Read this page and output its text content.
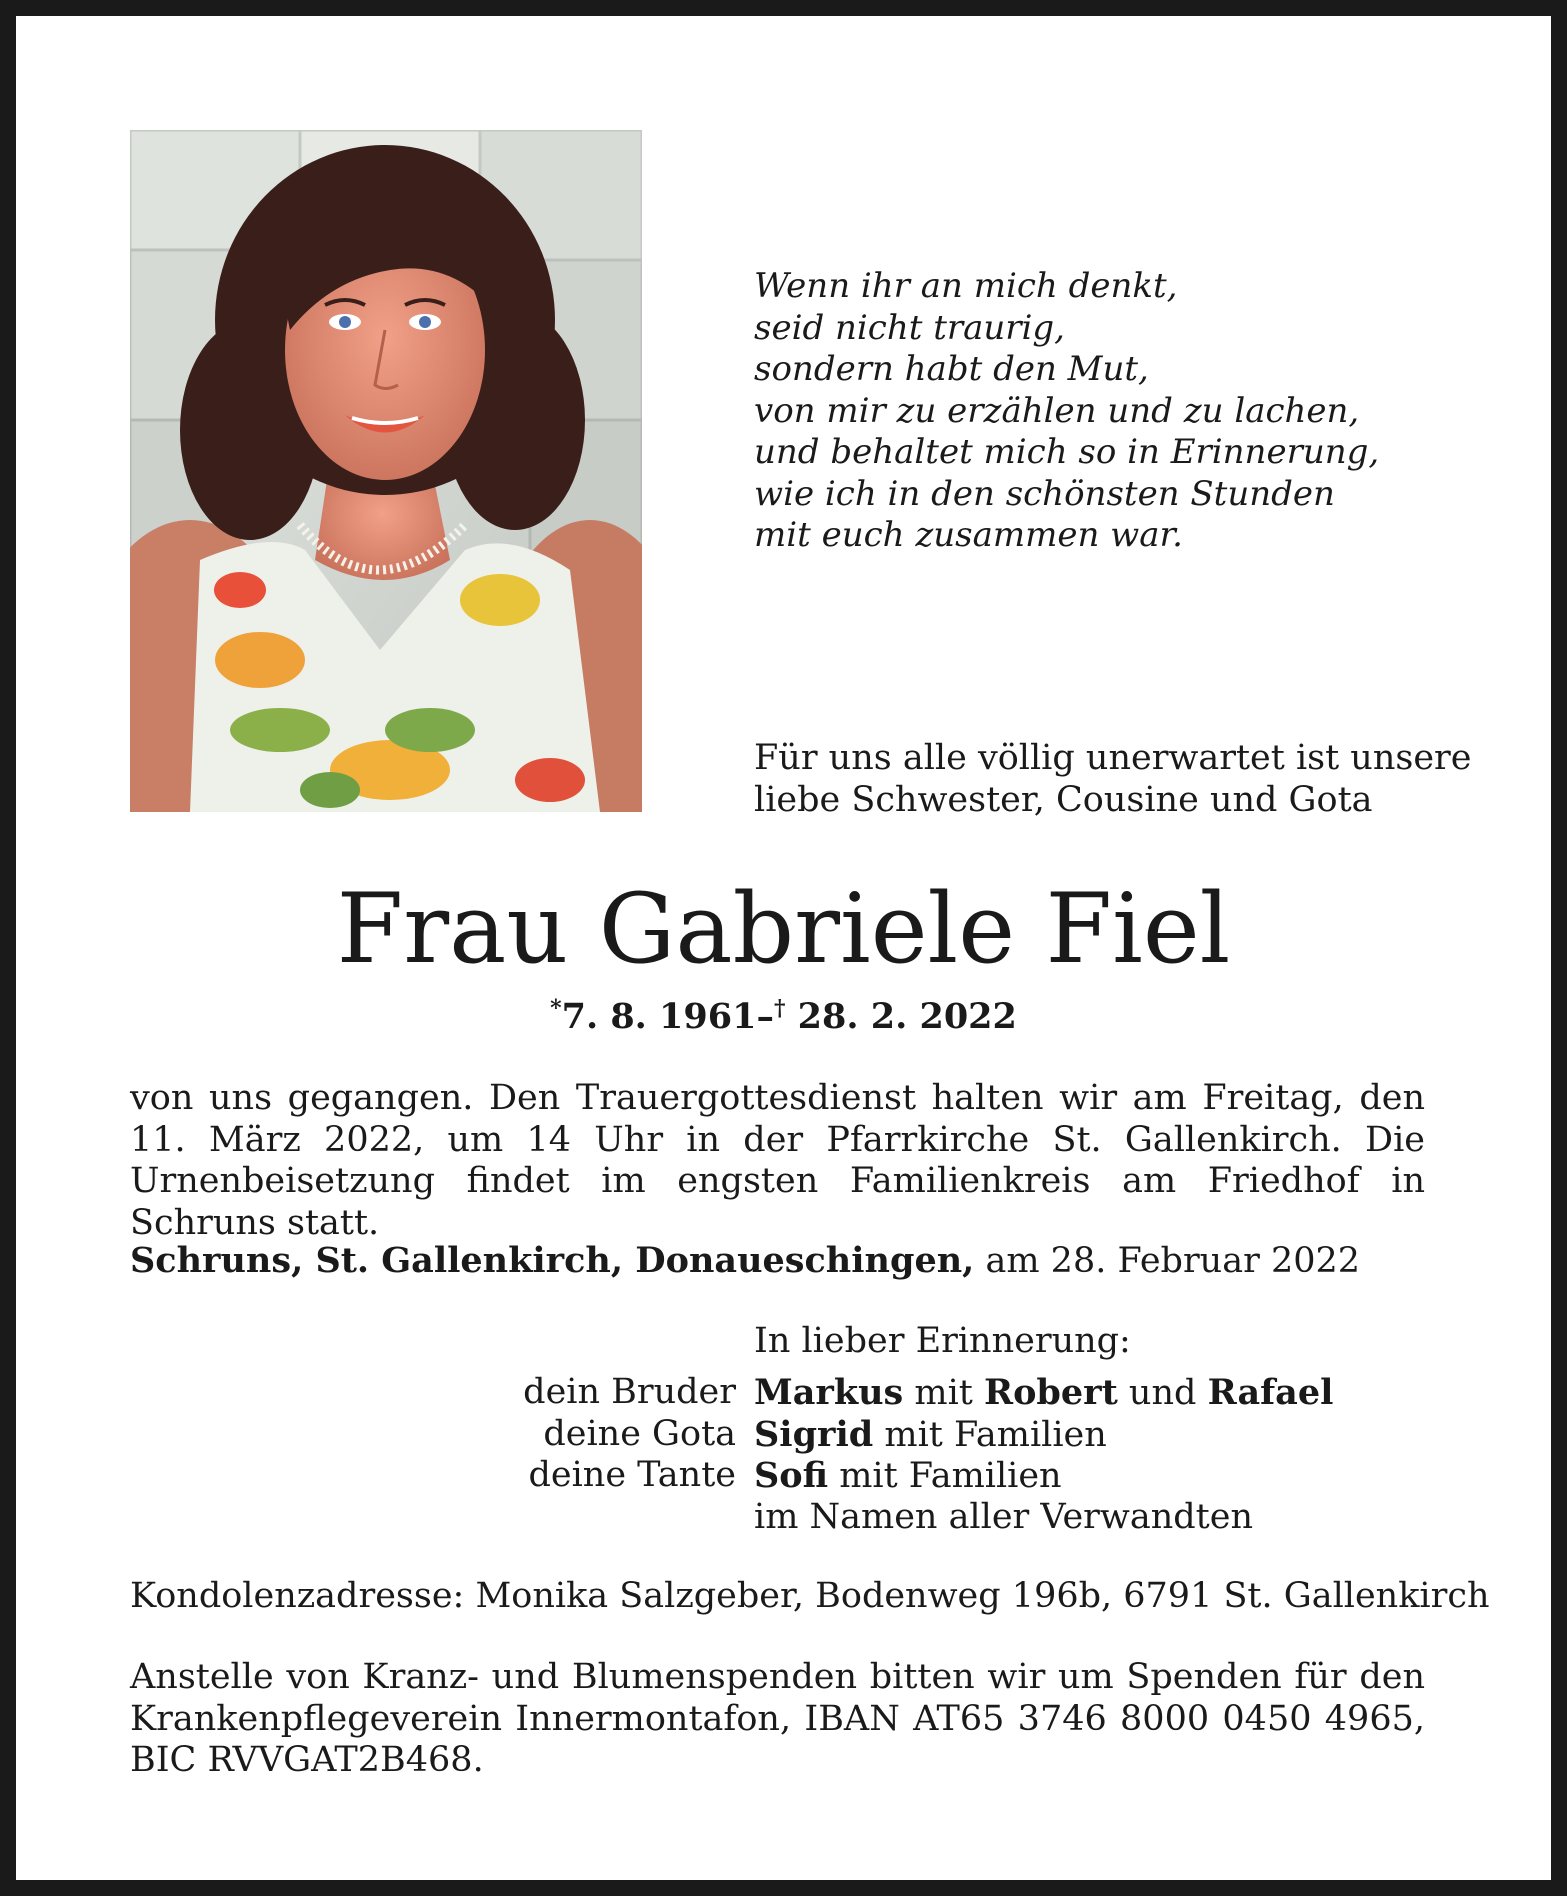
Wenn ihr an mich denkt,
seid nicht traurig,
sondern habt den Mut,
von mir zu erzählen und zu lachen,
und behaltet mich so in Erinnerung,
wie ich in den schönsten Stunden
mit euch zusammen war.
Für uns alle völlig unerwartet ist unsere
liebe Schwester, Cousine und Gota
Frau Gabriele Fiel
*7. 8. 1961–† 28. 2. 2022
von uns gegangen. Den Trauergottesdienst halten wir am Freitag, den 11. März 2022, um 14 Uhr in der Pfarrkirche St. Gallenkirch. Die Urnenbeisetzung findet im engsten Familienkreis am Friedhof in Schruns statt.
Schruns, St. Gallenkirch, Donaueschingen, am 28. Februar 2022
In lieber Erinnerung:
dein Bruder Markus mit Robert und Rafael
deine Gota Sigrid mit Familien
deine Tante Sofi mit Familien
im Namen aller Verwandten
Kondolenzadresse: Monika Salzgeber, Bodenweg 196b, 6791 St. Gallenkirch
Anstelle von Kranz- und Blumenspenden bitten wir um Spenden für den Krankenpflegeverein Innermontafon, IBAN AT65 3746 8000 0450 4965, BIC RVVGAT2B468.
